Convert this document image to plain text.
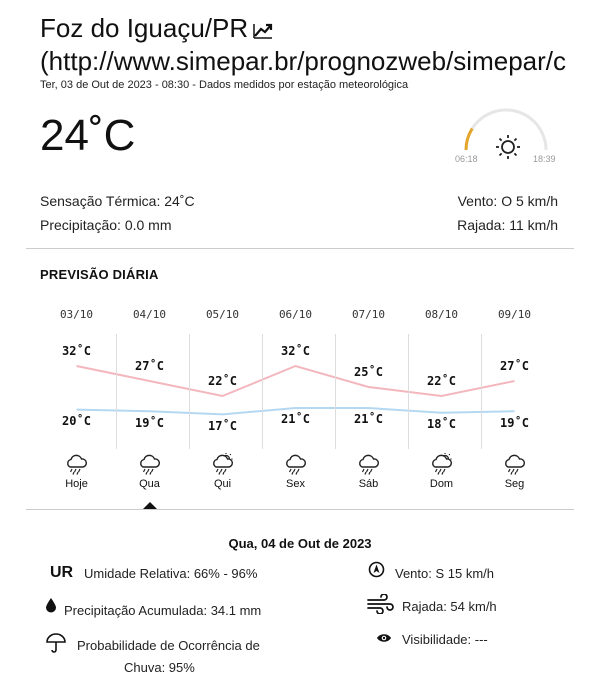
Foz do Iguaçu/PR
(http://www.simepar.br/prognozweb/simepar/c
Ter, 03 de Out de 2023 - 08:30 - Dados medidos por estação meteorológica
24˚C	06:18	18:39
Sensação Térmica: 24˚C
Precipitação: 0.0 mm
Vento: O 5 km/h
Rajada: 11 km/h
PREVISÃO DIÁRIA
03/10
32˚C
20˚C
Hoje
04/10
27˚C
19˚C
Qua
05/10
22˚C
17˚C
Qui
06/10
32˚C
21˚C
Sex
07/10
25˚C
21˚C
Sáb
08/10
22˚C
18˚C
Dom
09/10
27˚C
19˚C
Seg
Qua, 04 de Out de 2023
UR Umidade Relativa: 66% - 96%
Precipitação Acumulada: 34.1 mm
Probabilidade de Ocorrência de
Chuva: 95%
Vento: S 15 km/h
Rajada: 54 km/h
Visibilidade: ---
